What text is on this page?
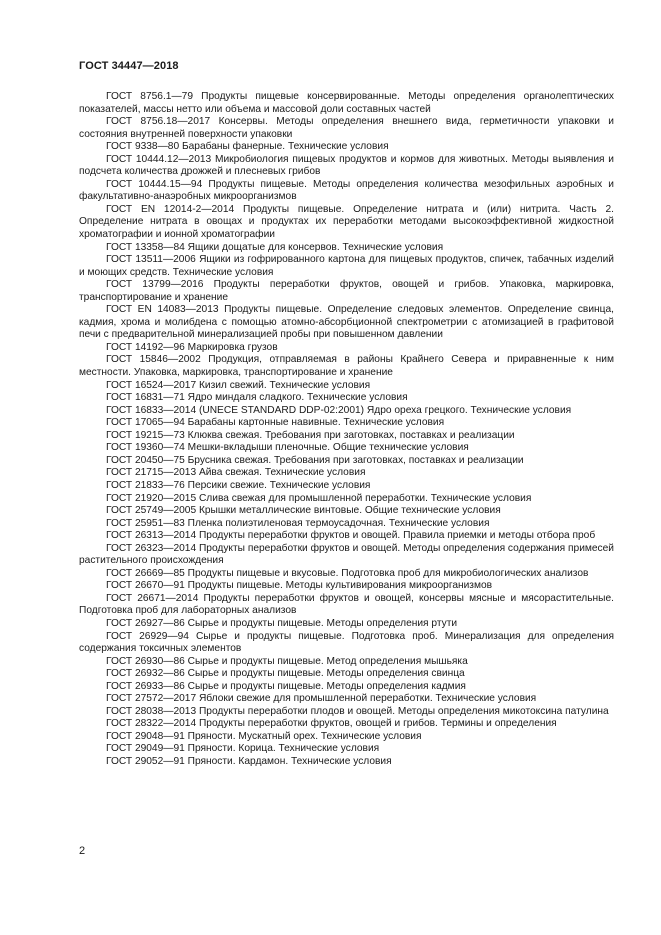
ГОСТ 34447—2018

ГОСТ 8756.1—79 Продукты пищевые консервированные. Методы определения органолептических показателей, массы нетто или объема и массовой доли составных частей

ГОСТ 8756.18—2017 Консервы. Методы определения внешнего вида, герметичности упаковки и состояния внутренней поверхности упаковки

ГОСТ 9338—80 Барабаны фанерные. Технические условия

ГОСТ 10444.12—2013 Микробиология пищевых продуктов и кормов для животных. Методы выявления и подсчета количества дрожжей и плесневых грибов

ГОСТ 10444.15—94 Продукты пищевые. Методы определения количества мезофильных аэробных и факультативно-анаэробных микроорганизмов

ГОСТ EN 12014-2—2014 Продукты пищевые. Определение нитрата и (или) нитрита. Часть 2. Определение нитрата в овощах и продуктах их переработки методами высокоэффективной жидкостной хроматографии и ионной хроматографии

ГОСТ 13358—84 Ящики дощатые для консервов. Технические условия

ГОСТ 13511—2006 Ящики из гофрированного картона для пищевых продуктов, спичек, табачных изделий и моющих средств. Технические условия

ГОСТ 13799—2016 Продукты переработки фруктов, овощей и грибов. Упаковка, маркировка, транспортирование и хранение

ГОСТ EN 14083—2013 Продукты пищевые. Определение следовых элементов. Определение свинца, кадмия, хрома и молибдена с помощью атомно-абсорбционной спектрометрии с атомизацией в графитовой печи с предварительной минерализацией пробы при повышенном давлении

ГОСТ 14192—96 Маркировка грузов

ГОСТ 15846—2002 Продукция, отправляемая в районы Крайнего Севера и приравненные к ним местности. Упаковка, маркировка, транспортирование и хранение

ГОСТ 16524—2017 Кизил свежий. Технические условия

ГОСТ 16831—71 Ядро миндаля сладкого. Технические условия

ГОСТ 16833—2014 (UNECE STANDARD DDP-02:2001) Ядро ореха грецкого. Технические условия

ГОСТ 17065—94 Барабаны картонные навивные. Технические условия

ГОСТ 19215—73 Клюква свежая. Требования при заготовках, поставках и реализации

ГОСТ 19360—74 Мешки-вкладыши пленочные. Общие технические условия

ГОСТ 20450—75 Брусника свежая. Требования при заготовках, поставках и реализации

ГОСТ 21715—2013 Айва свежая. Технические условия

ГОСТ 21833—76 Персики свежие. Технические условия

ГОСТ 21920—2015 Слива свежая для промышленной переработки. Технические условия

ГОСТ 25749—2005 Крышки металлические винтовые. Общие технические условия

ГОСТ 25951—83 Пленка полиэтиленовая термоусадочная. Технические условия

ГОСТ 26313—2014 Продукты переработки фруктов и овощей. Правила приемки и методы отбора проб

ГОСТ 26323—2014 Продукты переработки фруктов и овощей. Методы определения содержания примесей растительного происхождения

ГОСТ 26669—85 Продукты пищевые и вкусовые. Подготовка проб для микробиологических анализов

ГОСТ 26670—91 Продукты пищевые. Методы культивирования микроорганизмов

ГОСТ 26671—2014 Продукты переработки фруктов и овощей, консервы мясные и мясорастительные. Подготовка проб для лабораторных анализов

ГОСТ 26927—86 Сырье и продукты пищевые. Методы определения ртути

ГОСТ 26929—94 Сырье и продукты пищевые. Подготовка проб. Минерализация для определения содержания токсичных элементов

ГОСТ 26930—86 Сырье и продукты пищевые. Метод определения мышьяка

ГОСТ 26932—86 Сырье и продукты пищевые. Методы определения свинца

ГОСТ 26933—86 Сырье и продукты пищевые. Методы определения кадмия

ГОСТ 27572—2017 Яблоки свежие для промышленной переработки. Технические условия

ГОСТ 28038—2013 Продукты переработки плодов и овощей. Методы определения микотоксина патулина

ГОСТ 28322—2014 Продукты переработки фруктов, овощей и грибов. Термины и определения

ГОСТ 29048—91 Пряности. Мускатный орех. Технические условия

ГОСТ 29049—91 Пряности. Корица. Технические условия

ГОСТ 29052—91 Пряности. Кардамон. Технические условия

2
